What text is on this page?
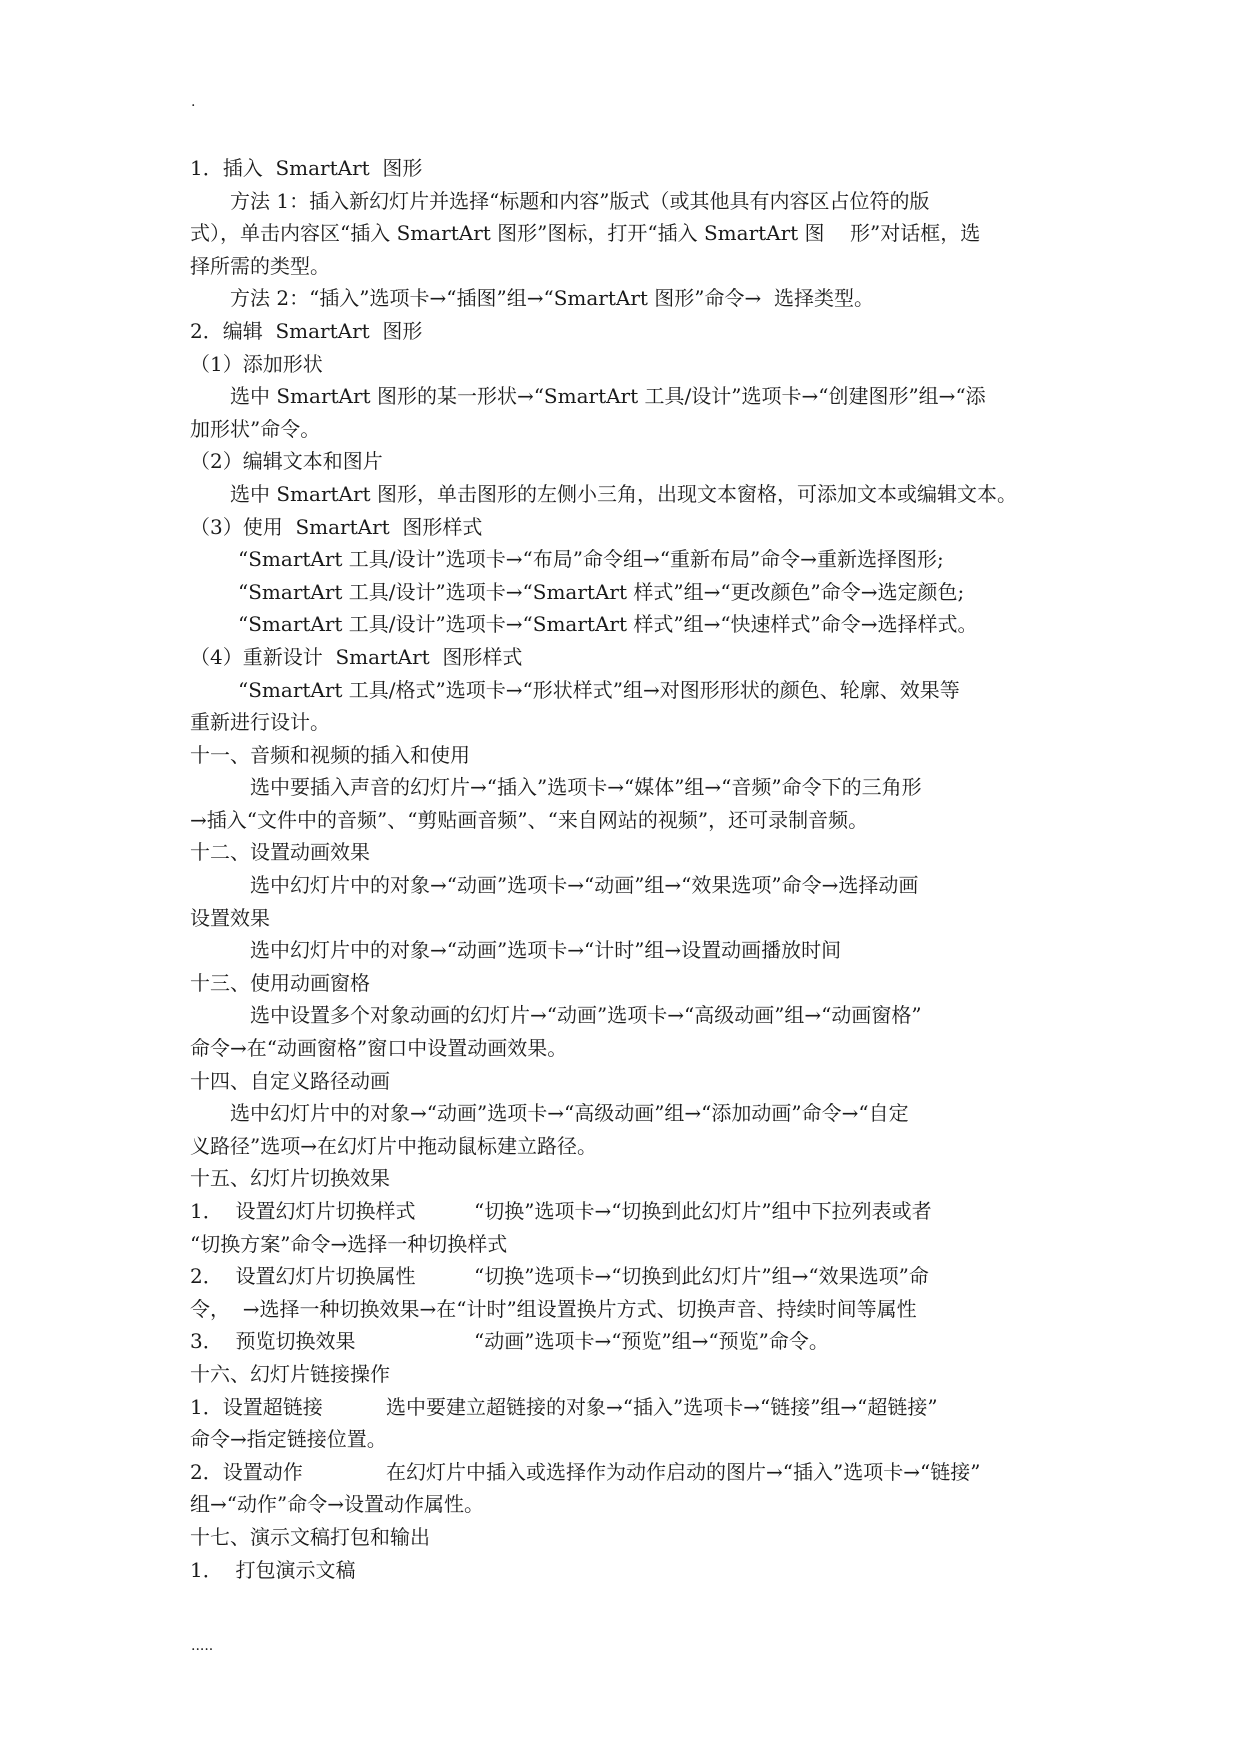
.
1．插入  SmartArt  图形
方法 1：插入新幻灯片并选择“标题和内容”版式（或其他具有内容区占位符的版
式），单击内容区“插入 SmartArt 图形”图标，打开“插入 SmartArt 图    形”对话框，选
择所需的类型。
方法 2：“插入”选项卡→“插图”组→“SmartArt 图形”命令→  选择类型。
2．编辑  SmartArt  图形
（1）添加形状
选中 SmartArt 图形的某一形状→“SmartArt 工具/设计”选项卡→“创建图形”组→“添
加形状”命令。
（2）编辑文本和图片
选中 SmartArt 图形，单击图形的左侧小三角，出现文本窗格，可添加文本或编辑文本。
（3）使用  SmartArt  图形样式
“SmartArt 工具/设计”选项卡→“布局”命令组→“重新布局”命令→重新选择图形;
“SmartArt 工具/设计”选项卡→“SmartArt 样式”组→“更改颜色”命令→选定颜色;
“SmartArt 工具/设计”选项卡→“SmartArt 样式”组→“快速样式”命令→选择样式。
（4）重新设计  SmartArt  图形样式
“SmartArt 工具/格式”选项卡→“形状样式”组→对图形形状的颜色、轮廓、效果等
重新进行设计。
十一、音频和视频的插入和使用
选中要插入声音的幻灯片→“插入”选项卡→“媒体”组→“音频”命令下的三角形
→插入“文件中的音频”、“剪贴画音频”、“来自网站的视频”，还可录制音频。
十二、设置动画效果
选中幻灯片中的对象→“动画”选项卡→“动画”组→“效果选项”命令→选择动画
设置效果
选中幻灯片中的对象→“动画”选项卡→“计时”组→设置动画播放时间
十三、使用动画窗格
选中设置多个对象动画的幻灯片→“动画”选项卡→“高级动画”组→“动画窗格”
命令→在“动画窗格”窗口中设置动画效果。
十四、自定义路径动画
选中幻灯片中的对象→“动画”选项卡→“高级动画”组→“添加动画”命令→“自定
义路径”选项→在幻灯片中拖动鼠标建立路径。
十五、幻灯片切换效果
1．  设置幻灯片切换样式	“切换”选项卡→“切换到此幻灯片”组中下拉列表或者
“切换方案”命令→选择一种切换样式
2．  设置幻灯片切换属性	“切换”选项卡→“切换到此幻灯片”组→“效果选项”命
令，  →选择一种切换效果→在“计时”组设置换片方式、切换声音、持续时间等属性
3．  预览切换效果	“动画”选项卡→“预览”组→“预览”命令。
十六、幻灯片链接操作
1．设置超链接	选中要建立超链接的对象→“插入”选项卡→“链接”组→“超链接”
命令→指定链接位置。
2．设置动作	在幻灯片中插入或选择作为动作启动的图片→“插入”选项卡→“链接”
组→“动作”命令→设置动作属性。
十七、演示文稿打包和输出
1．  打包演示文稿
.....
